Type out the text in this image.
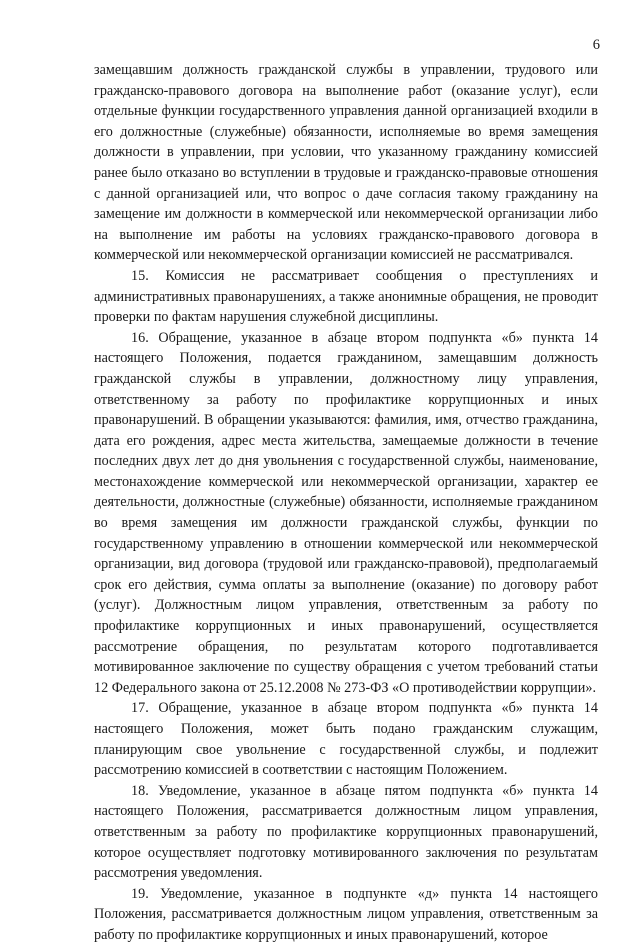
6

замещавшим должность гражданской службы в управлении, трудового или гражданско-правового договора на выполнение работ (оказание услуг), если отдельные функции государственного управления данной организацией входили в его должностные (служебные) обязанности, исполняемые во время замещения должности в управлении, при условии, что указанному гражданину комиссией ранее было отказано во вступлении в трудовые и гражданско-правовые отношения с данной организацией или, что вопрос о даче согласия такому гражданину на замещение им должности в коммерческой или некоммерческой организации либо на выполнение им работы на условиях гражданско-правового договора в коммерческой или некоммерческой организации комиссией не рассматривался.

15. Комиссия не рассматривает сообщения о преступлениях и административных правонарушениях, а также анонимные обращения, не проводит проверки по фактам нарушения служебной дисциплины.

16. Обращение, указанное в абзаце втором подпункта «б» пункта 14 настоящего Положения, подается гражданином, замещавшим должность гражданской службы в управлении, должностному лицу управления, ответственному за работу по профилактике коррупционных и иных правонарушений. В обращении указываются: фамилия, имя, отчество гражданина, дата его рождения, адрес места жительства, замещаемые должности в течение последних двух лет до дня увольнения с государственной службы, наименование, местонахождение коммерческой или некоммерческой организации, характер ее деятельности, должностные (служебные) обязанности, исполняемые гражданином во время замещения им должности гражданской службы, функции по государственному управлению в отношении коммерческой или некоммерческой организации, вид договора (трудовой или гражданско-правовой), предполагаемый срок его действия, сумма оплаты за выполнение (оказание) по договору работ (услуг). Должностным лицом управления, ответственным за работу по профилактике коррупционных и иных правонарушений, осуществляется рассмотрение обращения, по результатам которого подготавливается мотивированное заключение по существу обращения с учетом требований статьи 12 Федерального закона от 25.12.2008 № 273-ФЗ «О противодействии коррупции».

17. Обращение, указанное в абзаце втором подпункта «б» пункта 14 настоящего Положения, может быть подано гражданским служащим, планирующим свое увольнение с государственной службы, и подлежит рассмотрению комиссией в соответствии с настоящим Положением.

18. Уведомление, указанное в абзаце пятом подпункта «б» пункта 14 настоящего Положения, рассматривается должностным лицом управления, ответственным за работу по профилактике коррупционных правонарушений, которое осуществляет подготовку мотивированного заключения по результатам рассмотрения уведомления.

19. Уведомление, указанное в подпункте «д» пункта 14 настоящего Положения, рассматривается должностным лицом управления, ответственным за работу по профилактике коррупционных и иных правонарушений, которое
